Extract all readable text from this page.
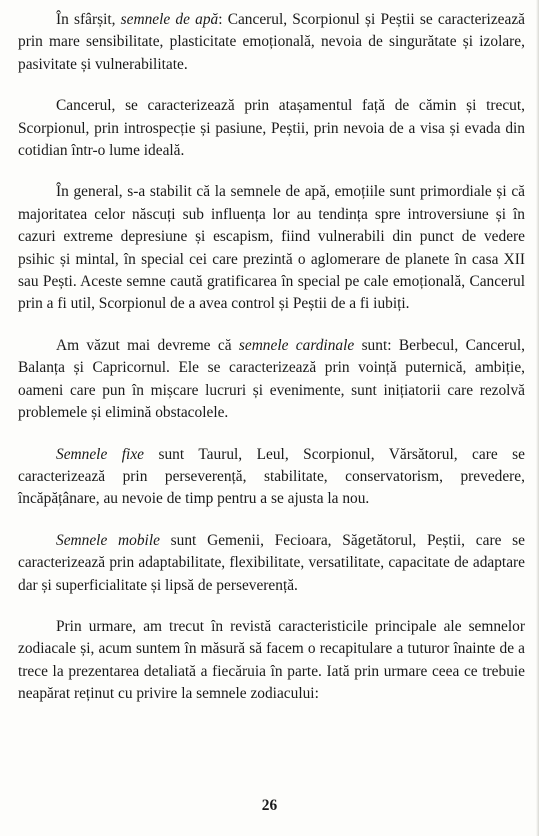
În sfârșit, semnele de apă: Cancerul, Scorpionul și Peștii se caracterizează prin mare sensibilitate, plasticitate emoțională, nevoia de singurătate și izolare, pasivitate și vulnerabilitate.

Cancerul, se caracterizează prin atașamentul față de cămin și trecut, Scorpionul, prin introspecție și pasiune, Peștii, prin nevoia de a visa și evada din cotidian într-o lume ideală.

În general, s-a stabilit că la semnele de apă, emoțiile sunt primordiale și că majoritatea celor născuți sub influența lor au tendința spre introversiune și în cazuri extreme depresiune și escapism, fiind vulnerabili din punct de vedere psihic și mintal, în special cei care prezintă o aglomerare de planete în casa XII sau Pești. Aceste semne caută gratificarea în special pe cale emoțională, Cancerul prin a fi util, Scorpionul de a avea control și Peștii de a fi iubiți.

Am văzut mai devreme că semnele cardinale sunt: Berbecul, Cancerul, Balanța și Capricornul. Ele se caracterizează prin voință puternică, ambiție, oameni care pun în mișcare lucruri și evenimente, sunt inițiatorii care rezolvă problemele și elimină obstacolele.

Semnele fixe sunt Taurul, Leul, Scorpionul, Vărsătorul, care se caracterizează prin perseverență, stabilitate, conservatorism, prevedere, încăpățânare, au nevoie de timp pentru a se ajusta la nou.

Semnele mobile sunt Gemenii, Fecioara, Săgetătorul, Peștii, care se caracterizează prin adaptabilitate, flexibilitate, versatilitate, capacitate de adaptare dar și superficialitate și lipsă de perseverență.

Prin urmare, am trecut în revistă caracteristicile principale ale semnelor zodiacale și, acum suntem în măsură să facem o recapitulare a tuturor înainte de a trece la prezentarea detaliată a fiecăruia în parte. Iată prin urmare ceea ce trebuie neapărat reținut cu privire la semnele zodiacului:

26
